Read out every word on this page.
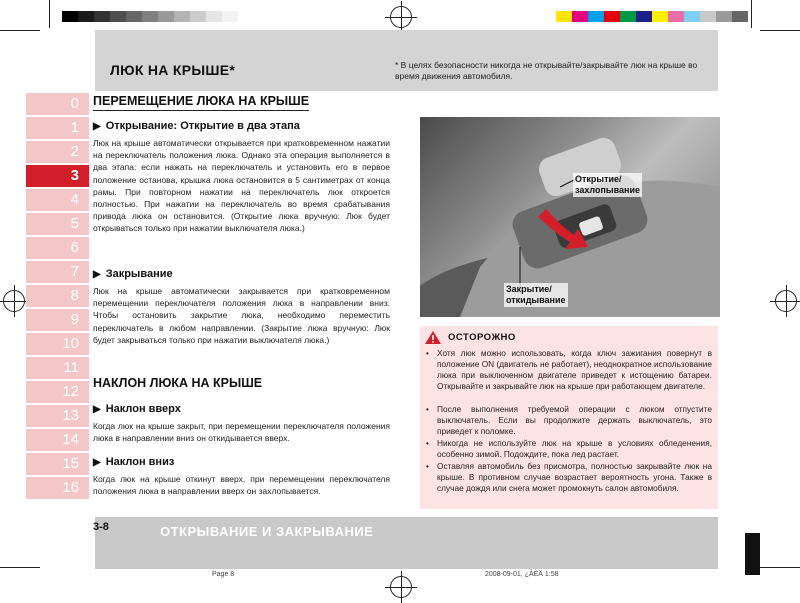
ЛЮК НА КРЫШЕ*	* В целях безопасности никогда не открывайте/закрывайте люк на крыше во время движения автомобиля.
0
1
2
3
4
5
6
7
8
9
10
11
12
13
14
15
16
ПЕРЕМЕЩЕНИЕ ЛЮКА НА КРЫШЕ
▶ Открывание: Открытие в два этапа
Люк на крыше автоматически открывается при кратковременном нажатии на переключатель положения люка. Однако эта операция выполняется в два этапа: если нажать на переключатель и установить его в первое положение останова, крышка люка остановится в 5 сантиметрах от конца рамы. При повторном нажатии на переключатель люк откроется полностью. При нажатии на переключатель во время срабатывания привода люка он остановится. (Открытие люка вручную: Люк будет открываться только при нажатии выключателя люка.)
▶ Закрывание
Люк на крыше автоматически закрывается при кратковременном перемещении переключателя положения люка в направлении вниз. Чтобы остановить закрытие люка, необходимо переместить переключатель в любом направлении. (Закрытие люка вручную: Люк будет закрываться только при нажатии выключателя люка.)
НАКЛОН ЛЮКА НА КРЫШЕ
▶ Наклон вверх
Когда люк на крыше закрыт, при перемещении переключателя положения люка в направлении вниз он откидывается вверх.
▶ Наклон вниз
Когда люк на крыше откинут вверх, при перемещении переключателя положения люка в направлении вверх он захлопывается.
Открытие/
захлопывание
Закрытие/
откидывание
ОСТОРОЖНО
• Хотя люк можно использовать, когда ключ зажигания повернут в положение ON (двигатель не работает), неоднократное использование люка при выключенном двигателе приведет к истощению батареи. Открывайте и закрывайте люк на крыше при работающем двигателе.
• После выполнения требуемой операции с люком отпустите выключатель. Если вы продолжите держать выключатель, это приведет к поломке.
• Никогда не используйте люк на крыше в условиях обледенения, особенно зимой. Подождите, пока лед растает.
• Оставляя автомобиль без присмотра, полностью закрывайте люк на крыше. В противном случае возрастает вероятность угона. Также в случае дождя или снега может промокнуть салон автомобиля.
3-8	ОТКРЫВАНИЕ И ЗАКРЫВАНИЕ
Page 8	2008-09-01, ¿ÀÈÄ 1:58
